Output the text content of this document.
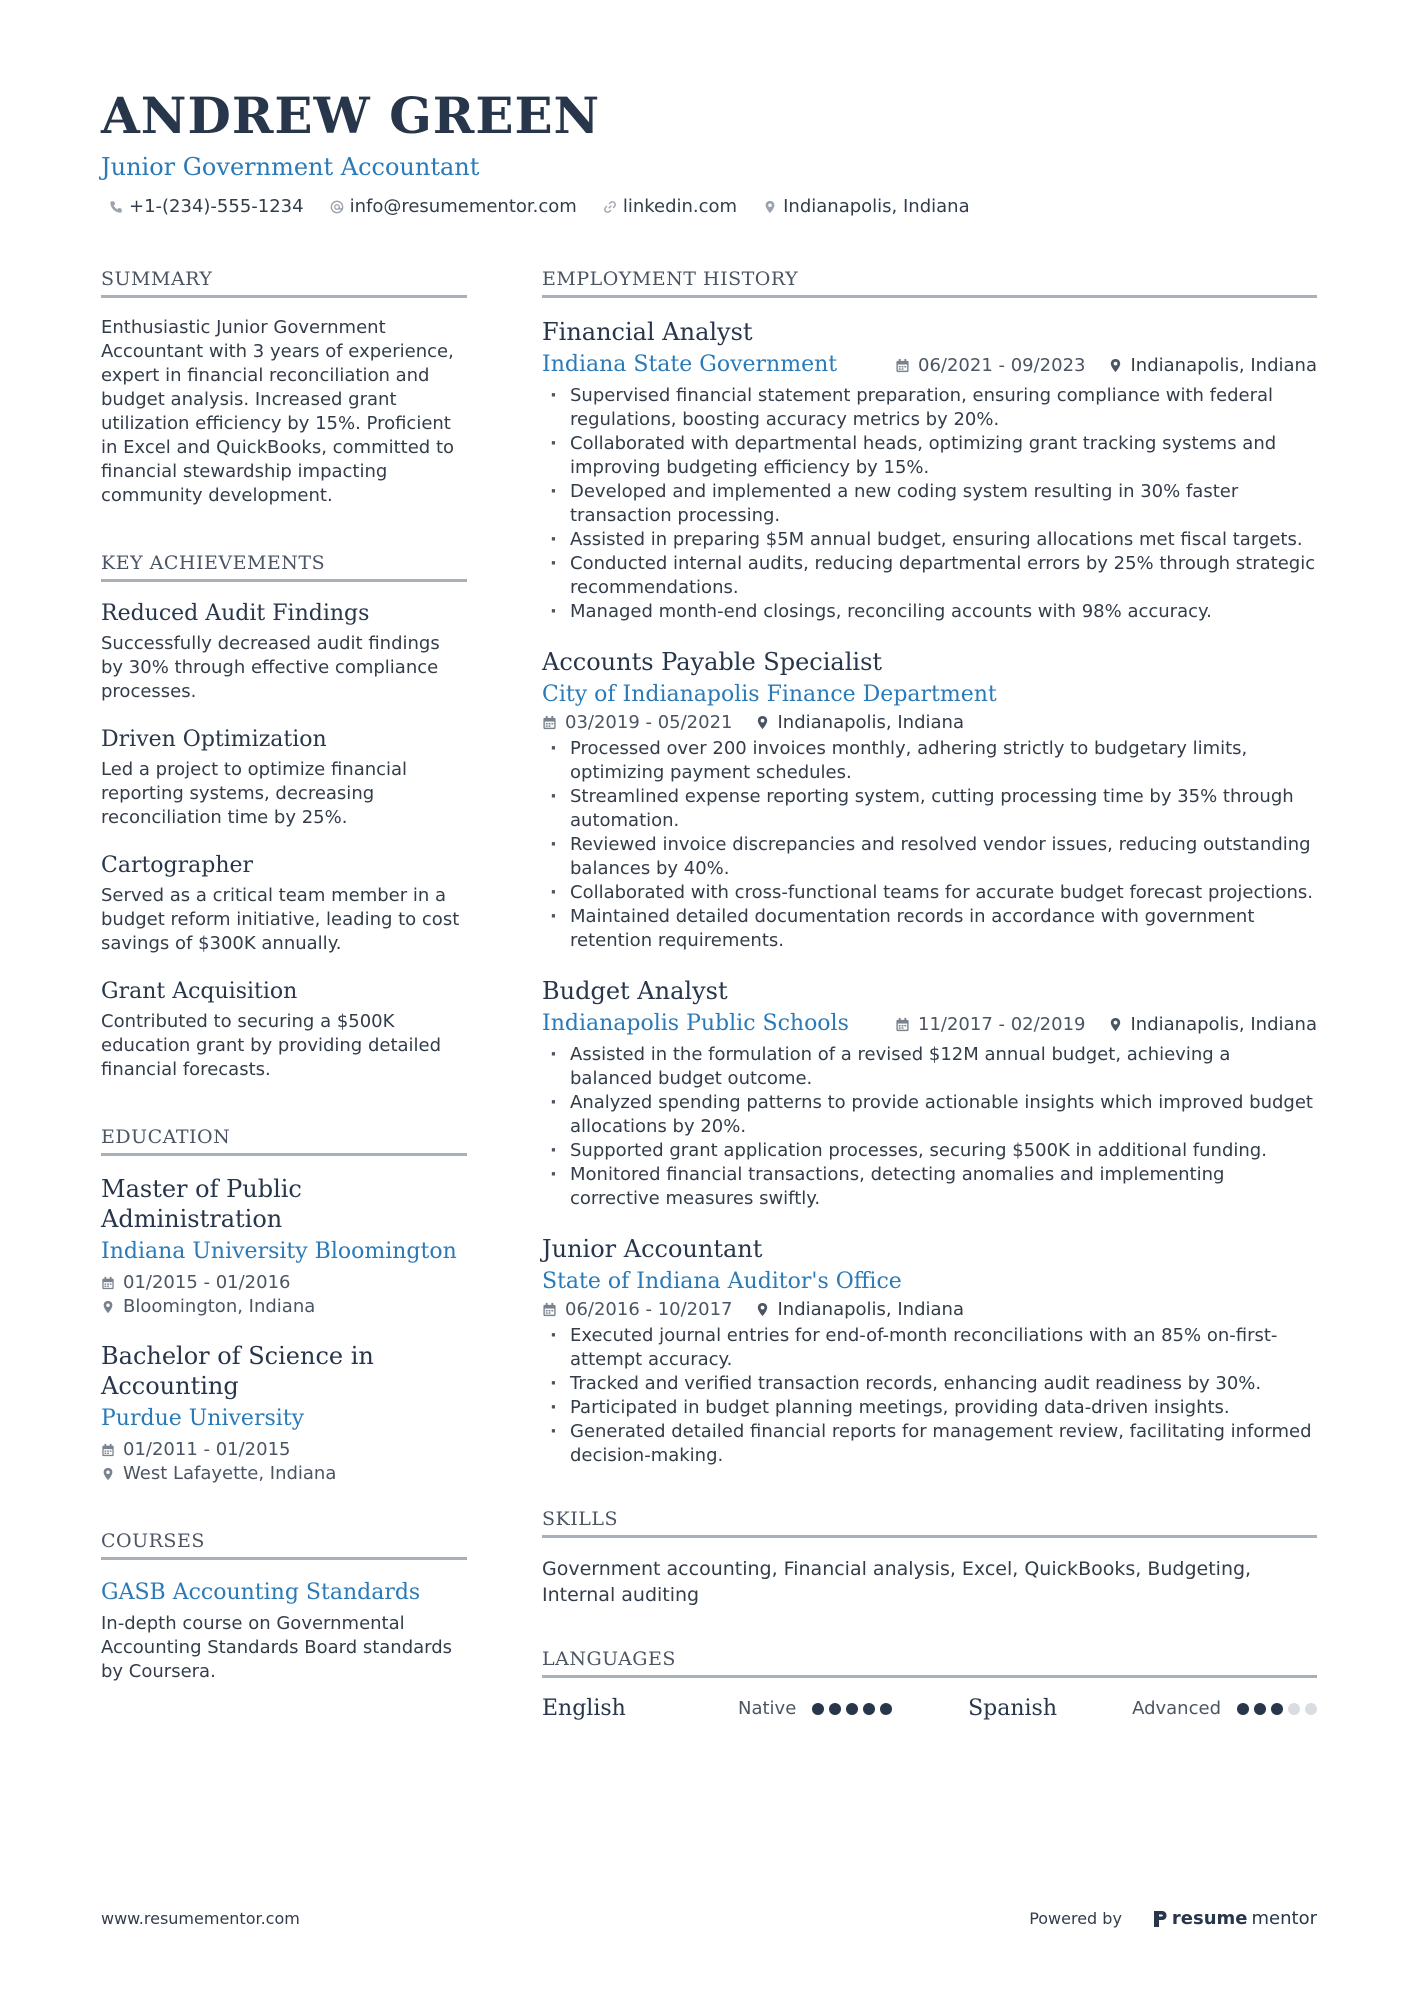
ANDREW GREEN
Junior Government Accountant
+1-(234)-555-1234	info@resumementor.com	linkedin.com	Indianapolis, Indiana
SUMMARY
Enthusiastic Junior Government Accountant with 3 years of experience, expert in financial reconciliation and budget analysis. Increased grant utilization efficiency by 15%. Proficient in Excel and QuickBooks, committed to financial stewardship impacting community development.
KEY ACHIEVEMENTS
Reduced Audit Findings
Successfully decreased audit findings by 30% through effective compliance processes.
Driven Optimization
Led a project to optimize financial reporting systems, decreasing reconciliation time by 25%.
Cartographer
Served as a critical team member in a budget reform initiative, leading to cost savings of $300K annually.
Grant Acquisition
Contributed to securing a $500K education grant by providing detailed financial forecasts.
EDUCATION
Master of Public Administration
Indiana University Bloomington
01/2015 - 01/2016
Bloomington, Indiana
Bachelor of Science in Accounting
Purdue University
01/2011 - 01/2015
West Lafayette, Indiana
COURSES
GASB Accounting Standards
In-depth course on Governmental Accounting Standards Board standards by Coursera.
EMPLOYMENT HISTORY
Financial Analyst
Indiana State Government	06/2021 - 09/2023	Indianapolis, Indiana
· Supervised financial statement preparation, ensuring compliance with federal regulations, boosting accuracy metrics by 20%.
· Collaborated with departmental heads, optimizing grant tracking systems and improving budgeting efficiency by 15%.
· Developed and implemented a new coding system resulting in 30% faster transaction processing.
· Assisted in preparing $5M annual budget, ensuring allocations met fiscal targets.
· Conducted internal audits, reducing departmental errors by 25% through strategic recommendations.
· Managed month-end closings, reconciling accounts with 98% accuracy.
Accounts Payable Specialist
City of Indianapolis Finance Department
03/2019 - 05/2021	Indianapolis, Indiana
· Processed over 200 invoices monthly, adhering strictly to budgetary limits, optimizing payment schedules.
· Streamlined expense reporting system, cutting processing time by 35% through automation.
· Reviewed invoice discrepancies and resolved vendor issues, reducing outstanding balances by 40%.
· Collaborated with cross-functional teams for accurate budget forecast projections.
· Maintained detailed documentation records in accordance with government retention requirements.
Budget Analyst
Indianapolis Public Schools	11/2017 - 02/2019	Indianapolis, Indiana
· Assisted in the formulation of a revised $12M annual budget, achieving a balanced budget outcome.
· Analyzed spending patterns to provide actionable insights which improved budget allocations by 20%.
· Supported grant application processes, securing $500K in additional funding.
· Monitored financial transactions, detecting anomalies and implementing corrective measures swiftly.
Junior Accountant
State of Indiana Auditor's Office
06/2016 - 10/2017	Indianapolis, Indiana
· Executed journal entries for end-of-month reconciliations with an 85% on-first-attempt accuracy.
· Tracked and verified transaction records, enhancing audit readiness by 30%.
· Participated in budget planning meetings, providing data-driven insights.
· Generated detailed financial reports for management review, facilitating informed decision-making.
SKILLS
Government accounting, Financial analysis, Excel, QuickBooks, Budgeting, Internal auditing
LANGUAGES
English	Native	Spanish	Advanced
www.resumementor.com	Powered by	resume mentor
